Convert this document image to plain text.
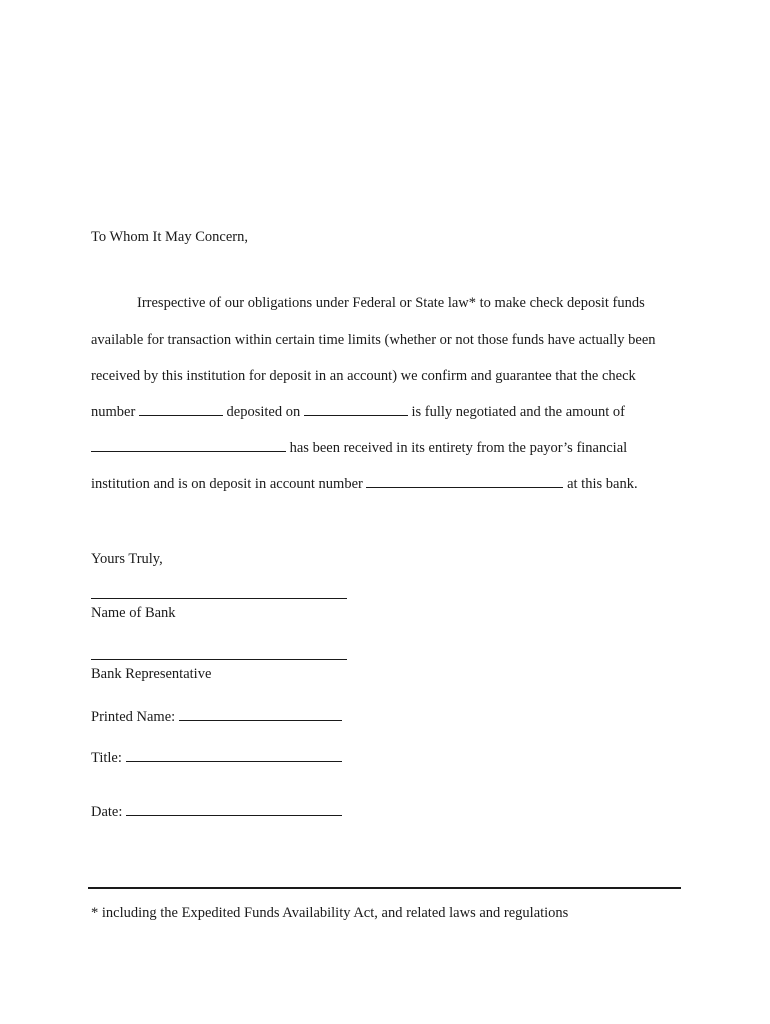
To Whom It May Concern,
Irrespective of our obligations under Federal or State law* to make check deposit funds
available for transaction within certain time limits (whether or not those funds have actually been
received by this institution for deposit in an account) we confirm and guarantee that the check
number	deposited on	is fully negotiated and the amount of
has been received in its entirety from the payor’s financial
institution and is on deposit in account number	at this bank.
Yours Truly,
Name of Bank
Bank Representative
Printed Name:
Title:
Date:
* including the Expedited Funds Availability Act, and related laws and regulations
